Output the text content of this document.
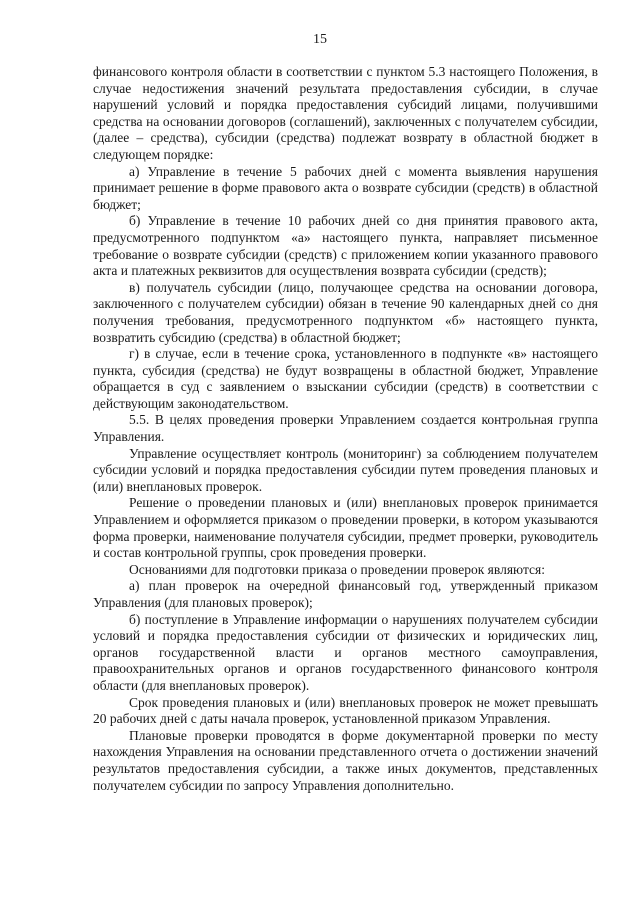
15

финансового контроля области в соответствии с пунктом 5.3 настоящего Положения, в случае недостижения значений результата предоставления субсидии, в случае нарушений условий и порядка предоставления субсидий лицами, получившими средства на основании договоров (соглашений), заключенных с получателем субсидии, (далее – средства), субсидии (средства) подлежат возврату в областной бюджет в следующем порядке:

а) Управление в течение 5 рабочих дней с момента выявления нарушения принимает решение в форме правового акта о возврате субсидии (средств) в областной бюджет;

б) Управление в течение 10 рабочих дней со дня принятия правового акта, предусмотренного подпунктом «а» настоящего пункта, направляет письменное требование о возврате субсидии (средств) с приложением копии указанного правового акта и платежных реквизитов для осуществления возврата субсидии (средств);

в) получатель субсидии (лицо, получающее средства на основании договора, заключенного с получателем субсидии) обязан в течение 90 календарных дней со дня получения требования, предусмотренного подпунктом «б» настоящего пункта, возвратить субсидию (средства) в областной бюджет;

г) в случае, если в течение срока, установленного в подпункте «в» настоящего пункта, субсидия (средства) не будут возвращены в областной бюджет, Управление обращается в суд с заявлением о взыскании субсидии (средств) в соответствии с действующим законодательством.

5.5. В целях проведения проверки Управлением создается контрольная группа Управления.

Управление осуществляет контроль (мониторинг) за соблюдением получателем субсидии условий и порядка предоставления субсидии путем проведения плановых и (или) внеплановых проверок.

Решение о проведении плановых и (или) внеплановых проверок принимается Управлением и оформляется приказом о проведении проверки, в котором указываются форма проверки, наименование получателя субсидии, предмет проверки, руководитель и состав контрольной группы, срок проведения проверки.

Основаниями для подготовки приказа о проведении проверок являются:

а) план проверок на очередной финансовый год, утвержденный приказом Управления (для плановых проверок);

б) поступление в Управление информации о нарушениях получателем субсидии условий и порядка предоставления субсидии от физических и юридических лиц, органов государственной власти и органов местного самоуправления, правоохранительных органов и органов государственного финансового контроля области (для внеплановых проверок).

Срок проведения плановых и (или) внеплановых проверок не может превышать 20 рабочих дней с даты начала проверок, установленной приказом Управления.

Плановые проверки проводятся в форме документарной проверки по месту нахождения Управления на основании представленного отчета о достижении значений результатов предоставления субсидии, а также иных документов, представленных получателем субсидии по запросу Управления дополнительно.
